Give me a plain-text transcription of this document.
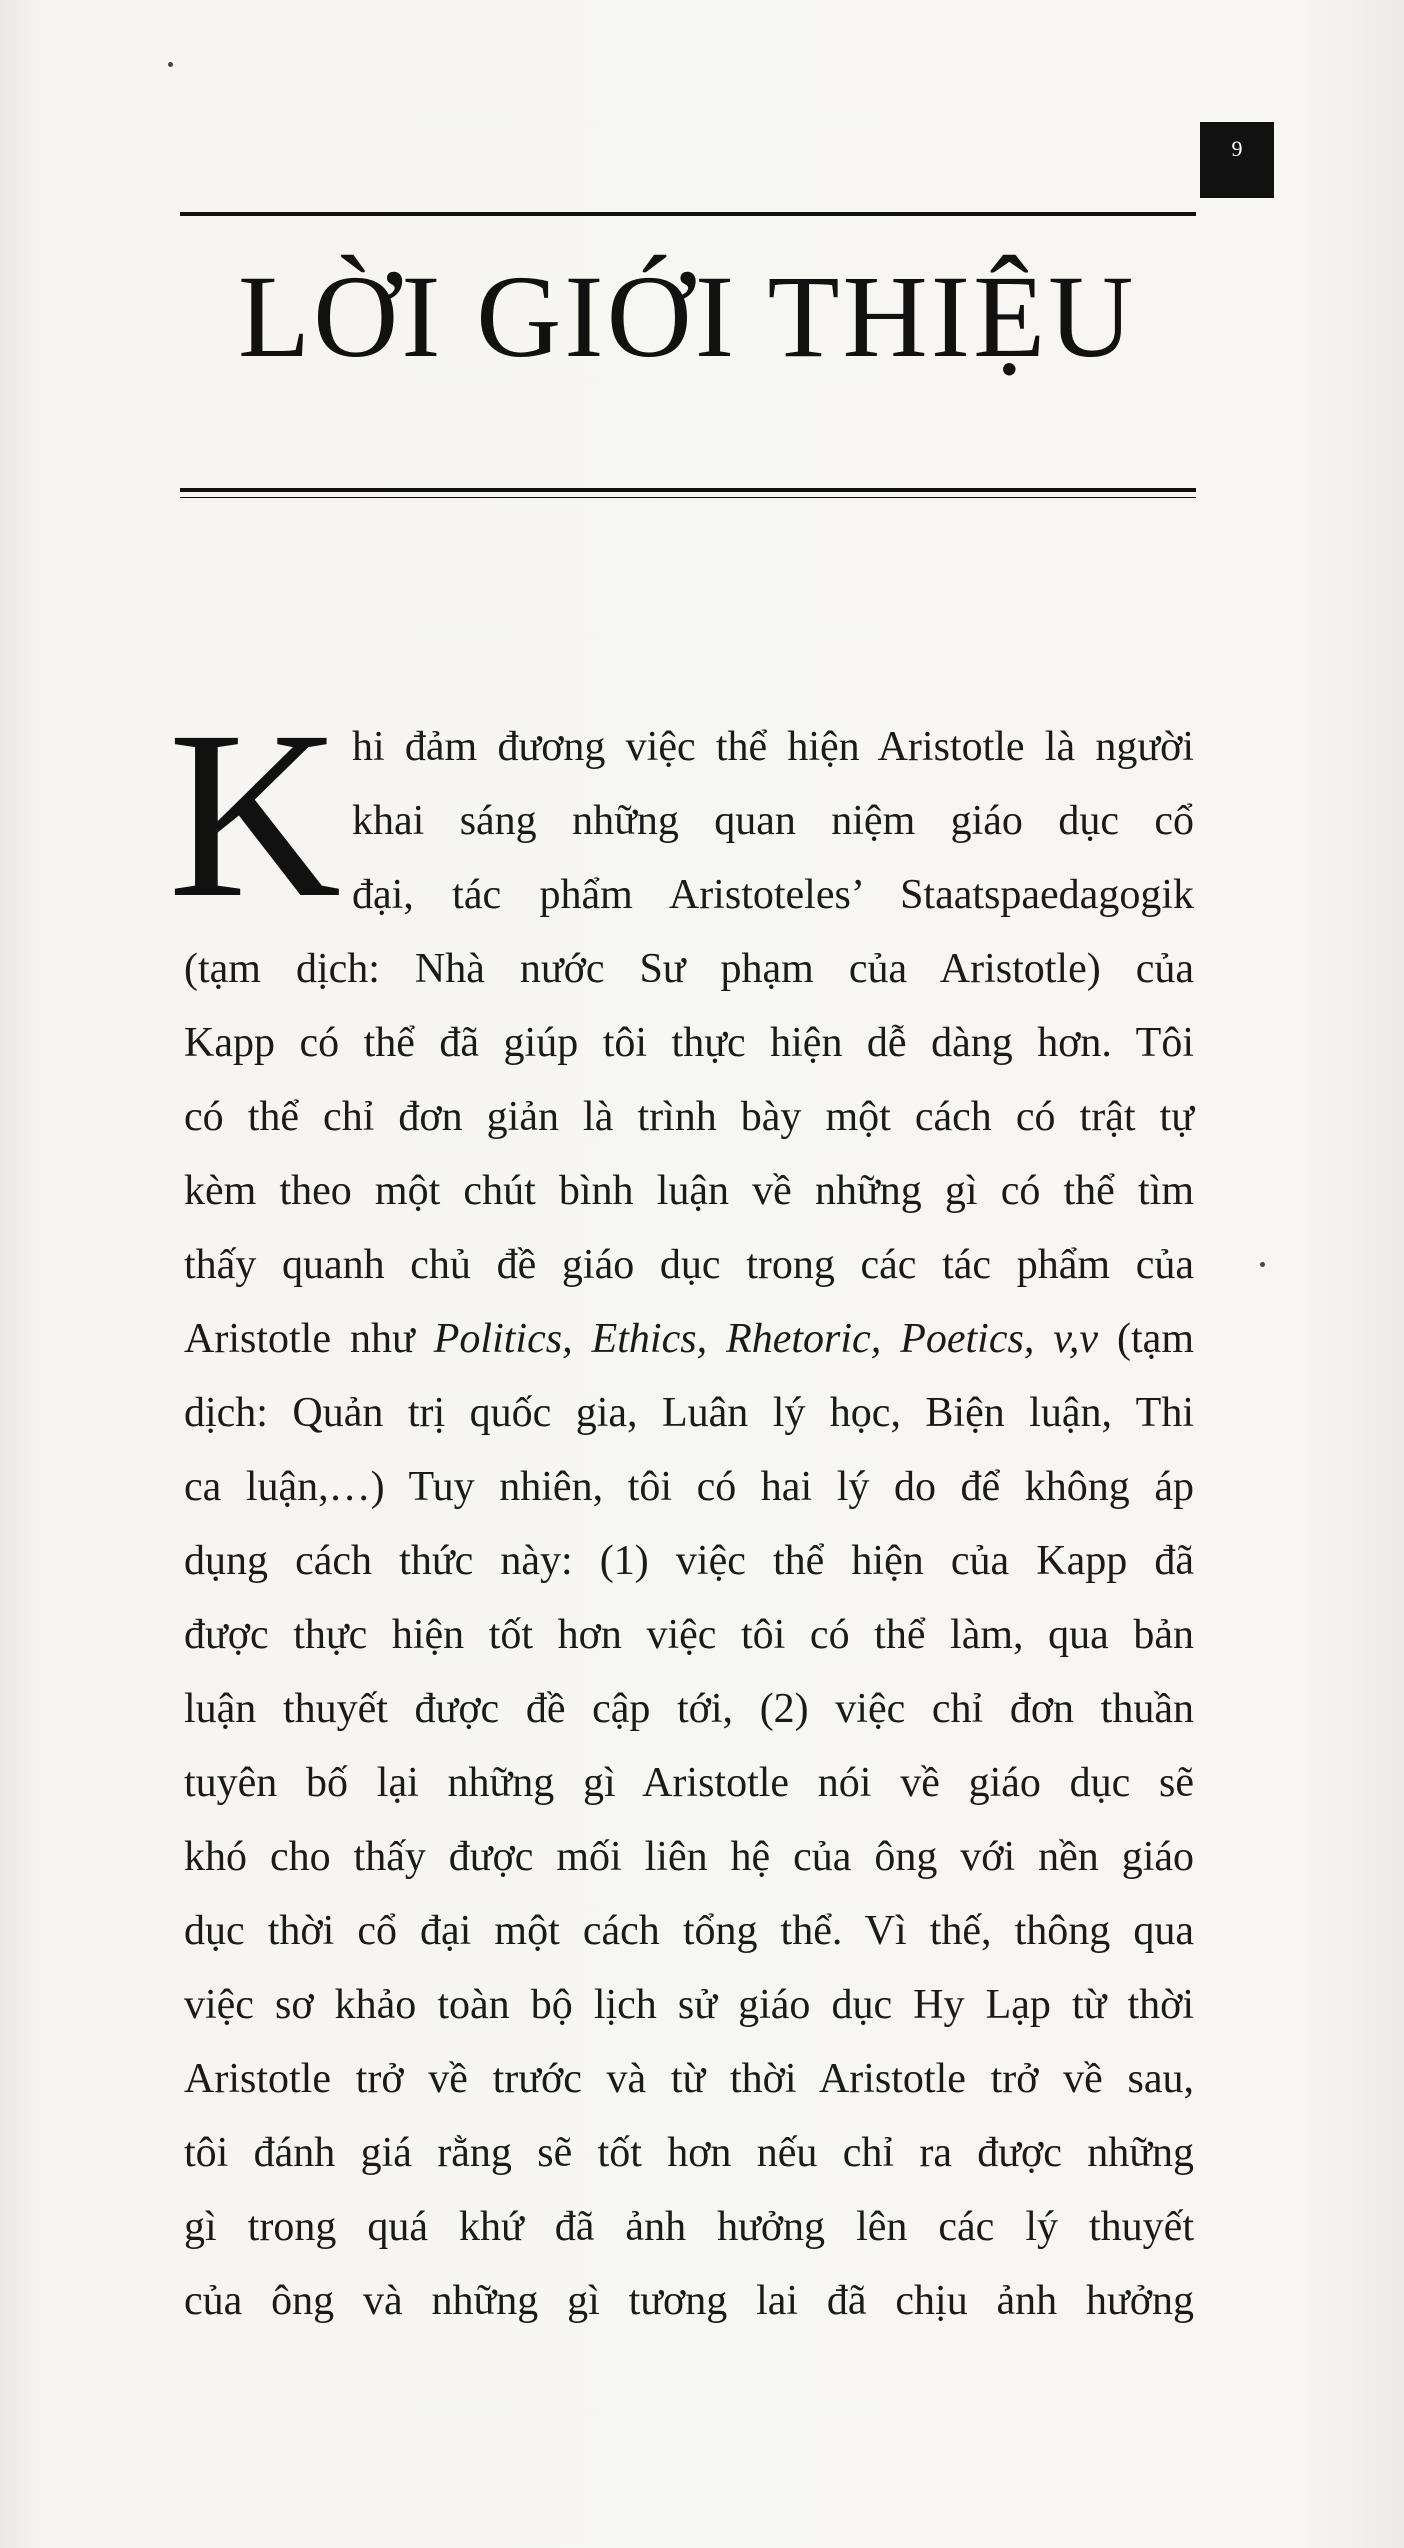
9
LỜI GIỚI THIỆU
K hi đảm đương việc thể hiện Aristotle là người
khai sáng những quan niệm giáo dục cổ
đại, tác phẩm Aristoteles’ Staatspaedagogik
(tạm dịch: Nhà nước Sư phạm của Aristotle) của
Kapp có thể đã giúp tôi thực hiện dễ dàng hơn. Tôi
có thể chỉ đơn giản là trình bày một cách có trật tự
kèm theo một chút bình luận về những gì có thể tìm
thấy quanh chủ đề giáo dục trong các tác phẩm của
Aristotle như Politics, Ethics, Rhetoric, Poetics, v,v (tạm
dịch: Quản trị quốc gia, Luân lý học, Biện luận, Thi
ca luận,…) Tuy nhiên, tôi có hai lý do để không áp
dụng cách thức này: (1) việc thể hiện của Kapp đã
được thực hiện tốt hơn việc tôi có thể làm, qua bản
luận thuyết được đề cập tới, (2) việc chỉ đơn thuần
tuyên bố lại những gì Aristotle nói về giáo dục sẽ
khó cho thấy được mối liên hệ của ông với nền giáo
dục thời cổ đại một cách tổng thể. Vì thế, thông qua
việc sơ khảo toàn bộ lịch sử giáo dục Hy Lạp từ thời
Aristotle trở về trước và từ thời Aristotle trở về sau,
tôi đánh giá rằng sẽ tốt hơn nếu chỉ ra được những
gì trong quá khứ đã ảnh hưởng lên các lý thuyết
của ông và những gì tương lai đã chịu ảnh hưởng
